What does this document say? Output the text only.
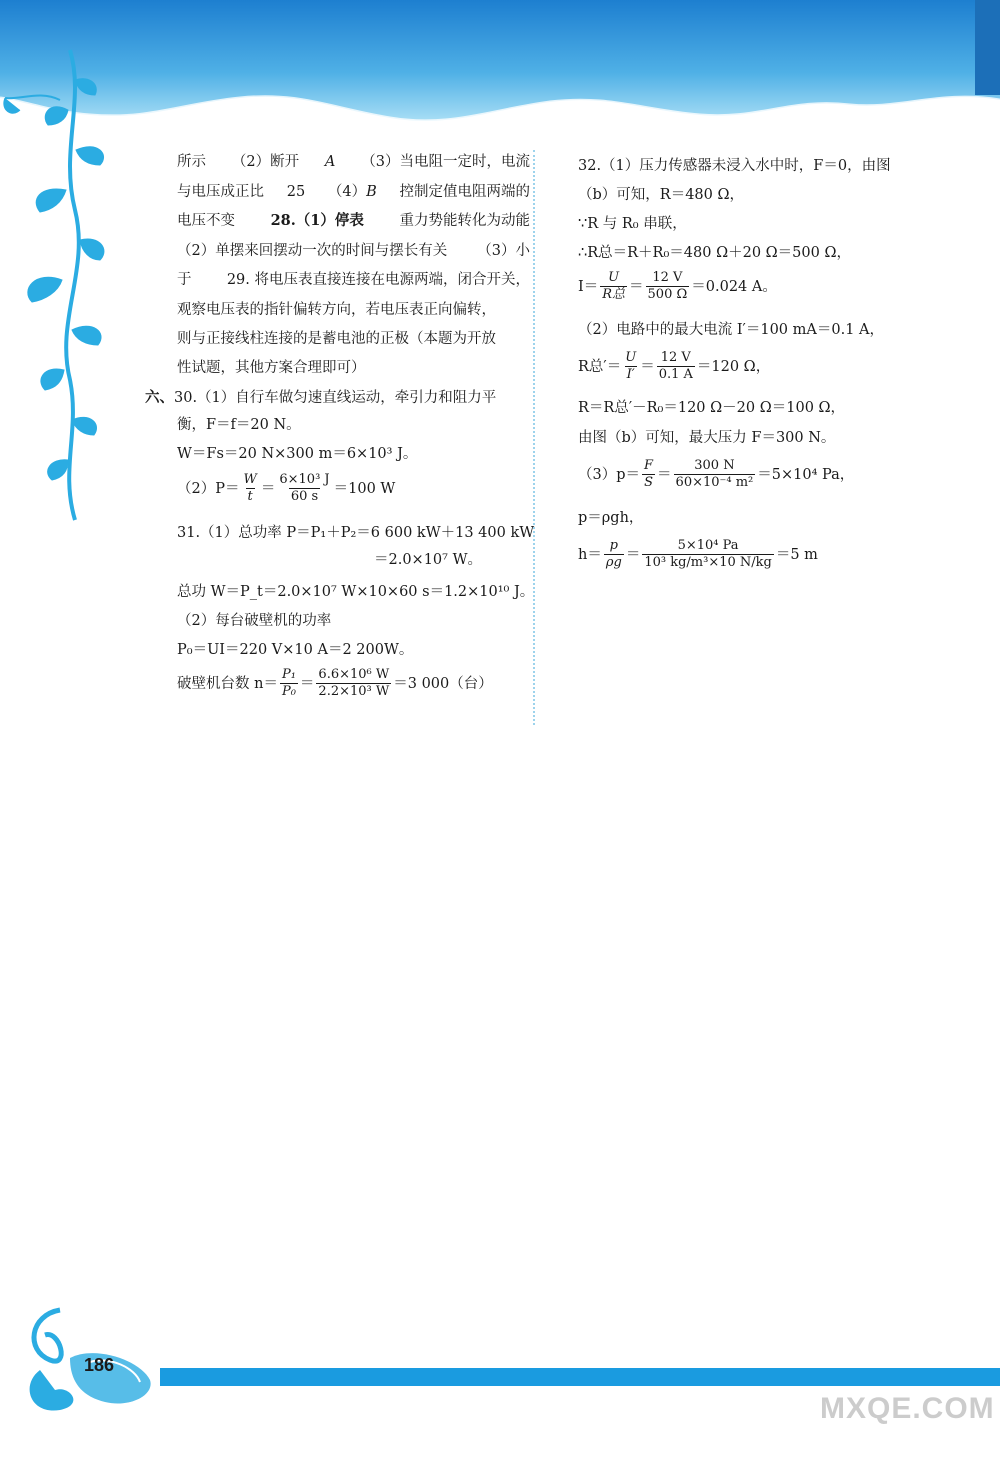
所示 （2）断开 A （3）当电阻一定时，电流
与电压成正比 25 （4）B 控制定值电阻两端的
电压不变 28.（1）停表 重力势能转化为动能
（2）单摆来回摆动一次的时间与摆长有关 （3）小
于 29. 将电压表直接连接在电源两端，闭合开关，
观察电压表的指针偏转方向，若电压表正向偏转，
则与正接线柱连接的是蓄电池的正极（本题为开放
性试题，其他方案合理即可）
六、30.（1）自行车做匀速直线运动，牵引力和阻力平
衡，F＝f＝20 N。
W＝Fs＝20 N×300 m＝6×10³ J。
$(2)P= \frac{W}{t} = \frac{\text{6×10³ J}}{60 s} =100$ W
31.（1）总功率 P＝P₁＋P₂＝6 600 kW＋13 400 kW
＝2.0×10⁷ W。
总功 W＝P_t＝2.0×10⁷ W×10×60 s＝1.2×10¹⁰ J。
（2）每台破壁机的功率
P₀＝UI＝220 V×10 A＝2 200W。
破壁机台数 $n= \frac{\text{P₁}}{\text{P₀}} = \frac{\text{6.6×10⁶ W}}{\text{2.2×10³ W}} =3$ 000（台）
32.（1）压力传感器未浸入水中时，F＝0，由图
（b）可知，R＝480 Ω，
∵R 与 R₀ 串联，
∴R总＝R＋R₀＝480 Ω＋20 Ω＝500 Ω，
$I= \frac{U}{\text{R总}} = \frac{12 V}{500 \Omega} =0.024$ A。
（2）电路中的最大电流 I′＝100 mA＝0.1 A，
R总′＝ $\frac{U}{I'} = \frac{12 V}{0.1 A} =120$ Ω，
R＝R总′－R₀＝120 Ω－20 Ω＝100 Ω，
由图（b）可知，最大压力 F＝300 N。
$(3)p= \frac{F}{S} = \frac{300 N}{\text{60×10⁻⁴ m²}} =5\times 10^4$ Pa，
p＝ρgh，
$h= \frac{p}{\rho g} = \frac{\text{5×10⁴ Pa}}{\text{10³ kg/m³×10 N/kg}} =5$ m
186
MXQE.COM
